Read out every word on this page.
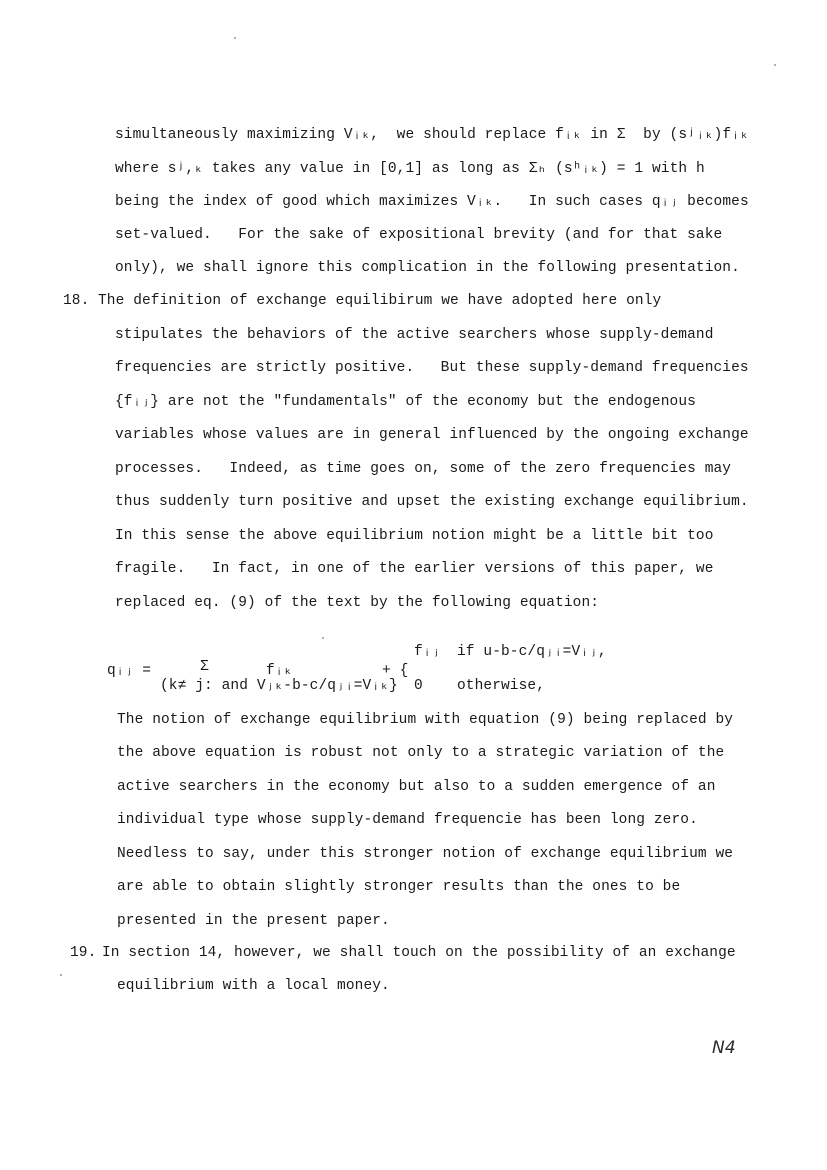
simultaneously maximizing Vᵢₖ,  we should replace fᵢₖ in Σ  by (sʲᵢₖ)fᵢₖ
where sʲ,ₖ takes any value in [0,1] as long as Σₕ (sʰᵢₖ) = 1 with h
being the index of good which maximizes Vᵢₖ.   In such cases qᵢⱼ becomes
set-valued.   For the sake of expositional brevity (and for that sake
only), we shall ignore this complication in the following presentation.
18. The definition of exchange equilibirum we have adopted here only
stipulates the behaviors of the active searchers whose supply-demand
frequencies are strictly positive.   But these supply-demand frequencies
{fᵢⱼ} are not the "fundamentals" of the economy but the endogenous
variables whose values are in general influenced by the ongoing exchange
processes.   Indeed, as time goes on, some of the zero frequencies may
thus suddenly turn positive and upset the existing exchange equilibrium.
In this sense the above equilibrium notion might be a little bit too
fragile.   In fact, in one of the earlier versions of this paper, we
replaced eq. (9) of the text by the following equation:
qᵢⱼ =	Σ	fᵢₖ	+ {
fᵢⱼ if u-b-c/qⱼᵢ=Vᵢⱼ,
(k≠ j: and Vⱼₖ-b-c/qⱼᵢ=Vᵢₖ} 0 otherwise,
The notion of exchange equilibrium with equation (9) being replaced by
the above equation is robust not only to a strategic variation of the
active searchers in the economy but also to a sudden emergence of an
individual type whose supply-demand frequencie has been long zero.
Needless to say, under this stronger notion of exchange equilibrium we
are able to obtain slightly stronger results than the ones to be
presented in the present paper.
19. In section 14, however, we shall touch on the possibility of an exchange
equilibrium with a local money.
N4
